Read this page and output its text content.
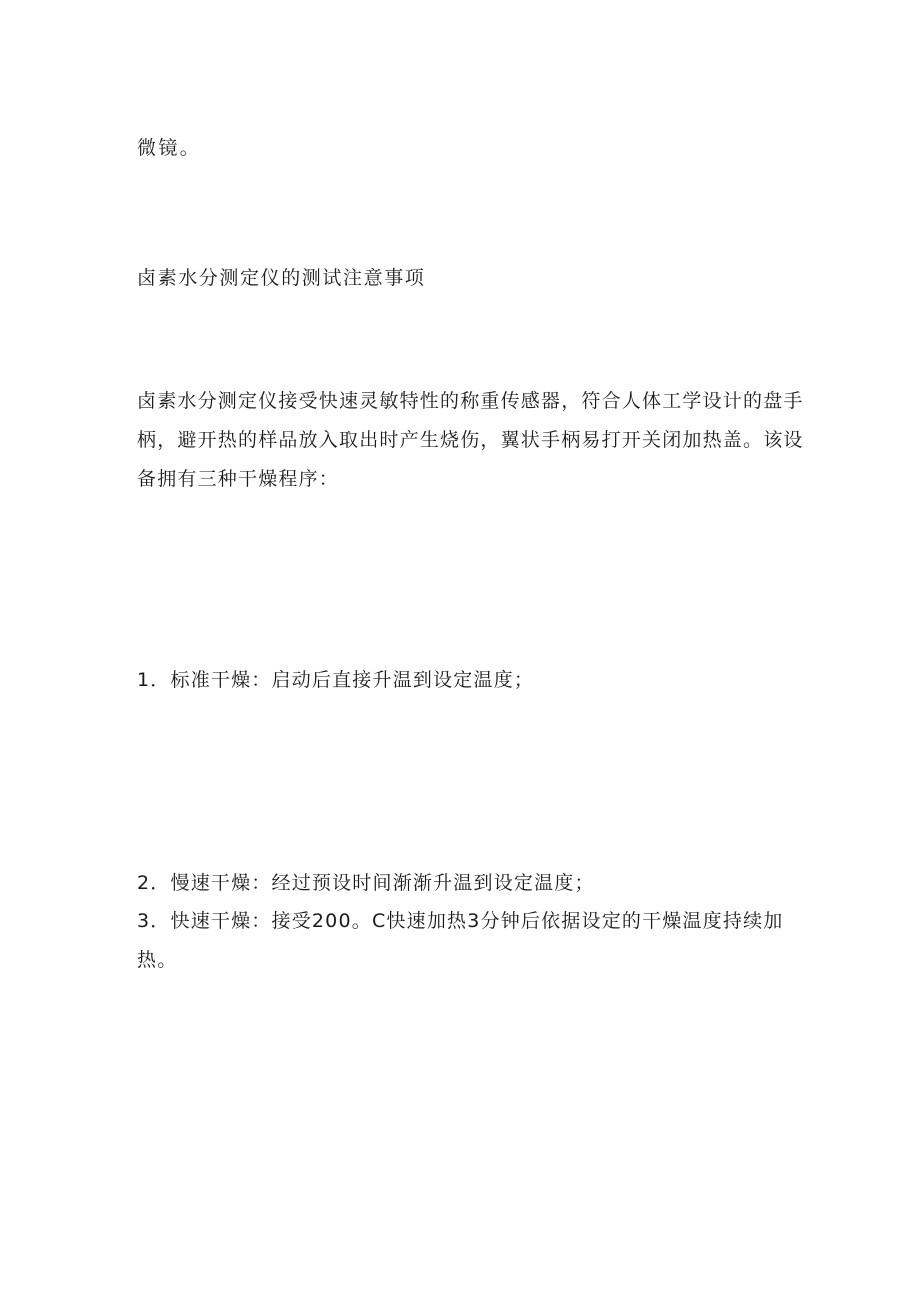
微镜。

卤素水分测定仪的测试注意事项

卤素水分测定仪接受快速灵敏特性的称重传感器，符合人体工学设计的盘手

柄，避开热的样品放入取出时产生烧伤，翼状手柄易打开关闭加热盖。该设

备拥有三种干燥程序：

1．标准干燥：启动后直接升温到设定温度；

2．慢速干燥：经过预设时间渐渐升温到设定温度；

3．快速干燥：接受200。C快速加热3分钟后依据设定的干燥温度持续加

热。
